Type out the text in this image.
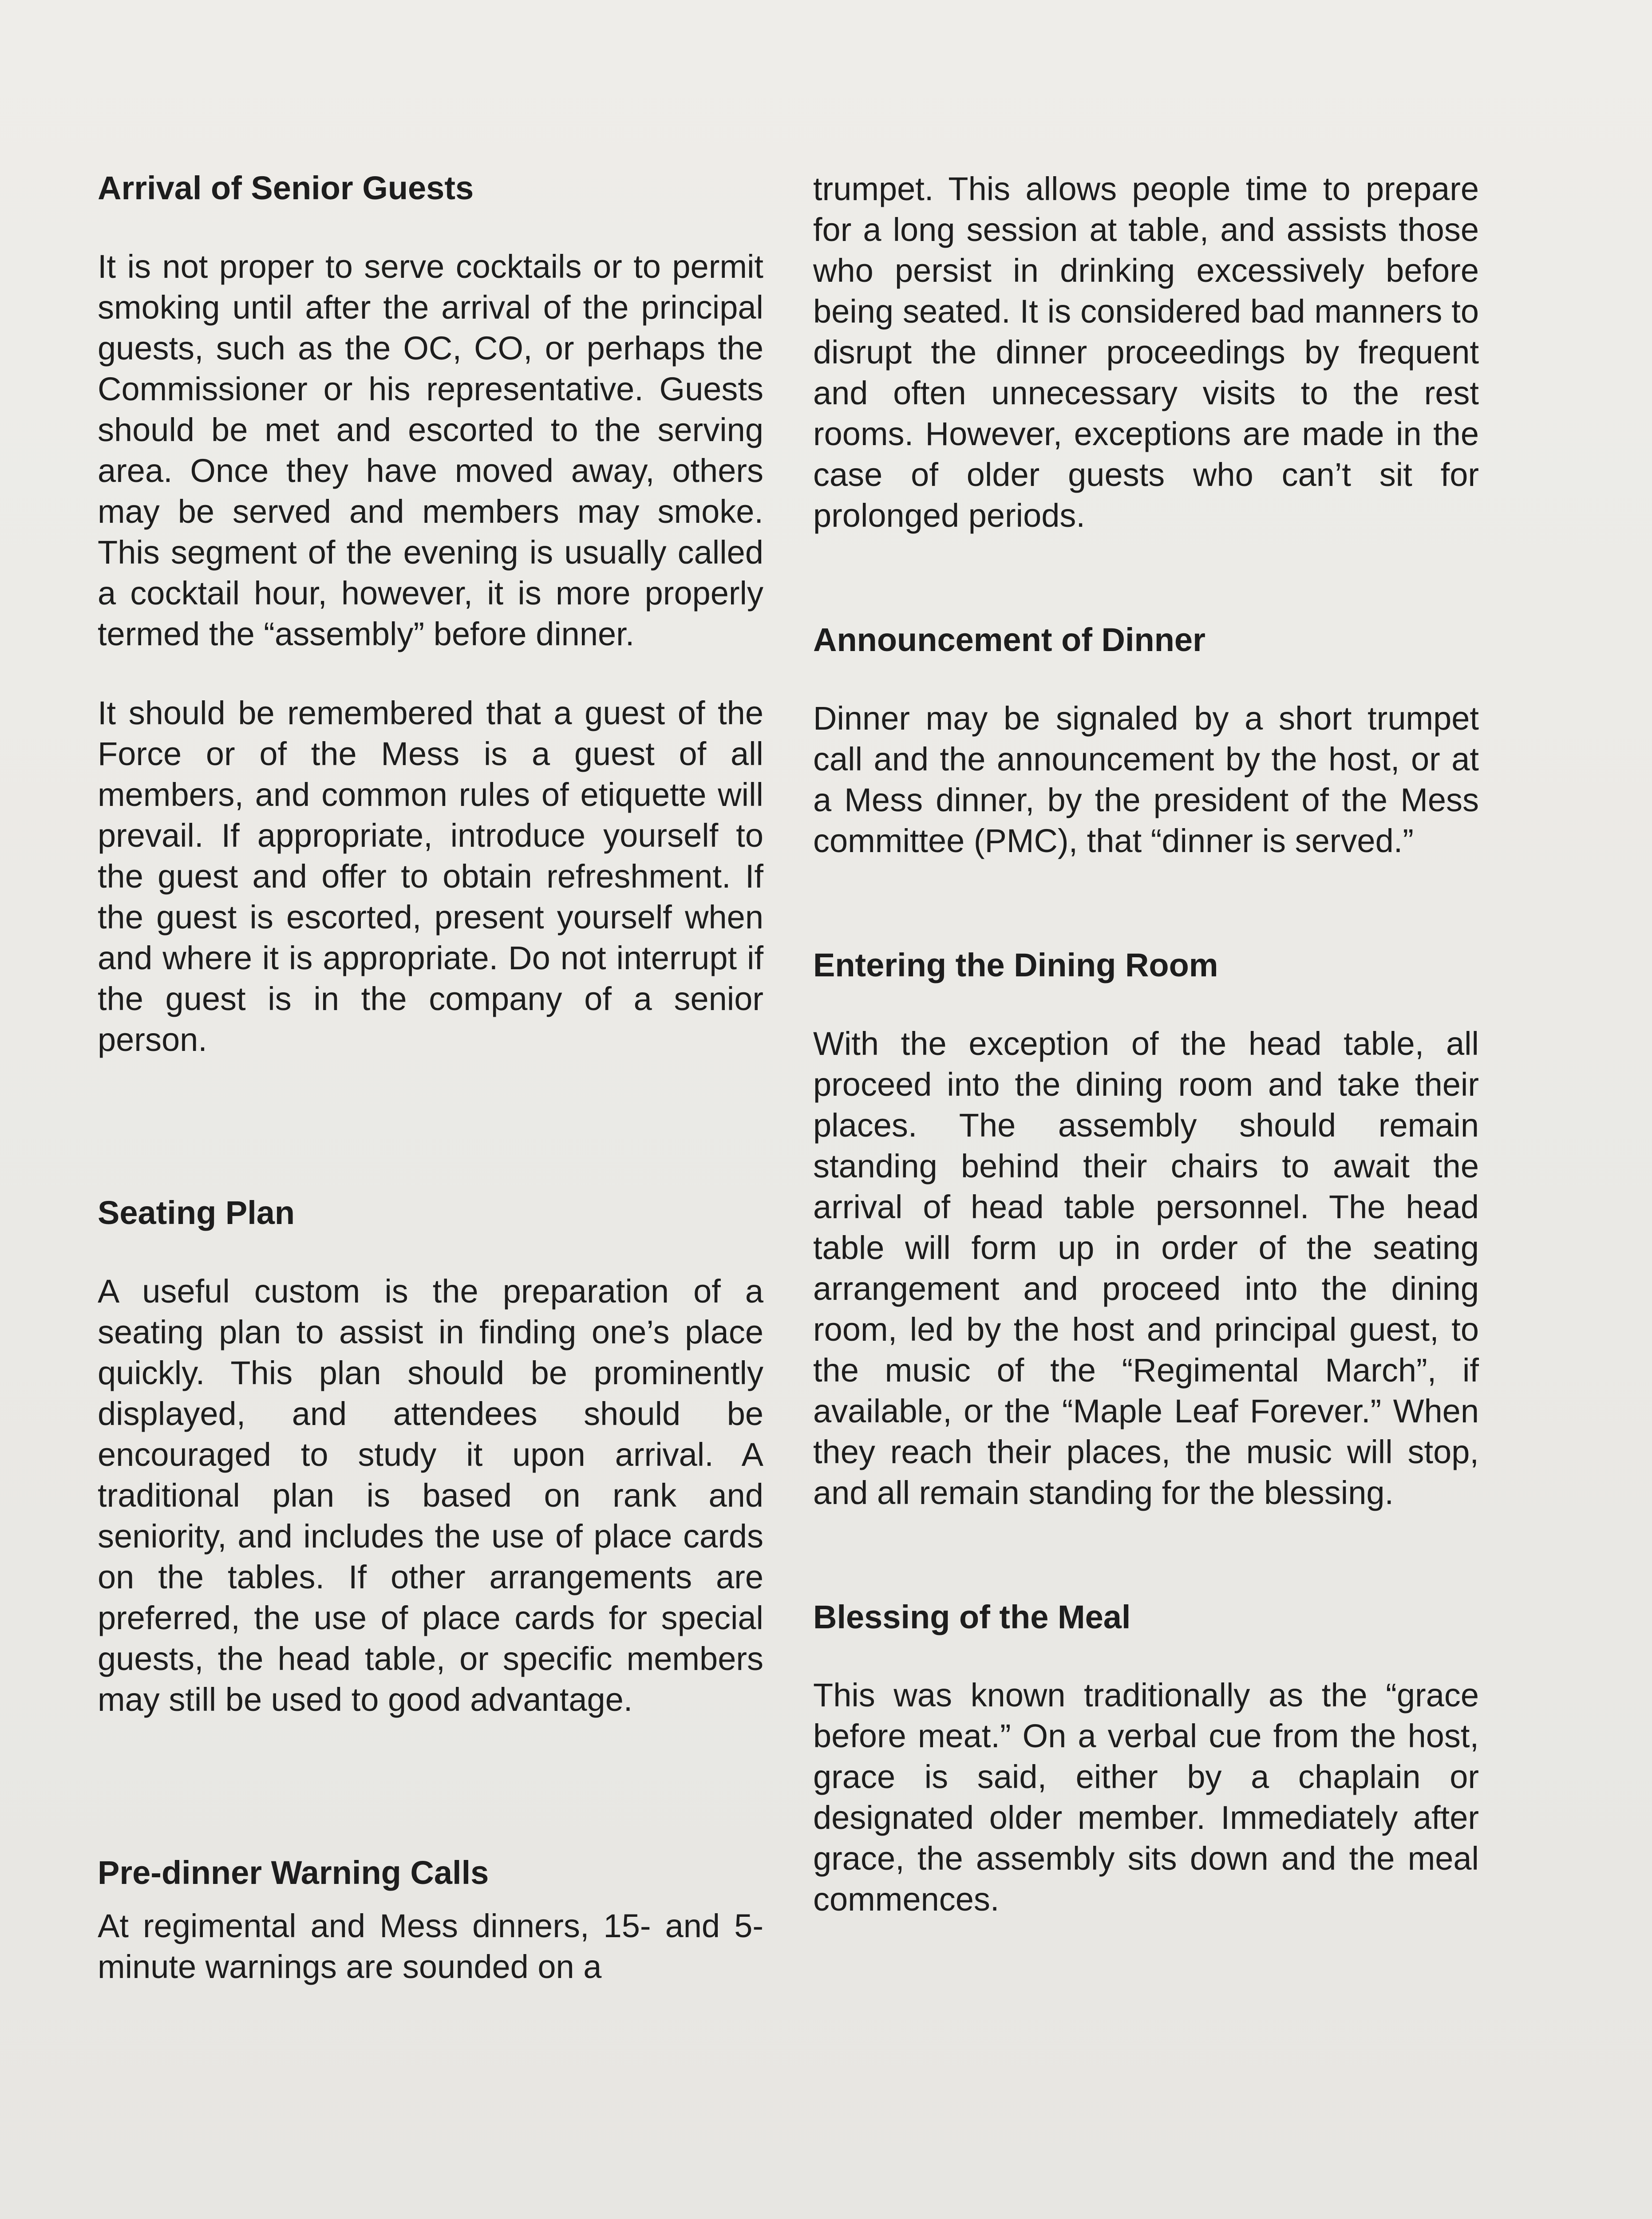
Arrival of Senior Guests

It is not proper to serve cocktails or to permit smoking until after the arrival of the principal guests, such as the OC, CO, or perhaps the Commissioner or his representative. Guests should be met and escorted to the serving area. Once they have moved away, others may be served and members may smoke. This segment of the evening is usually called a cocktail hour, however, it is more properly termed the “assembly” before dinner.

It should be remembered that a guest of the Force or of the Mess is a guest of all members, and common rules of etiquette will prevail. If appropriate, introduce yourself to the guest and offer to obtain refreshment. If the guest is escorted, present yourself when and where it is appropriate. Do not interrupt if the guest is in the company of a senior person.

Seating Plan

A useful custom is the preparation of a seating plan to assist in finding one’s place quickly. This plan should be prominently displayed, and attendees should be encouraged to study it upon arrival. A traditional plan is based on rank and seniority, and includes the use of place cards on the tables. If other arrangements are preferred, the use of place cards for special guests, the head table, or specific members may still be used to good advantage.

Pre-dinner Warning Calls

At regimental and Mess dinners, 15- and 5-minute warnings are sounded on a

trumpet. This allows people time to prepare for a long session at table, and assists those who persist in drinking excessively before being seated. It is considered bad manners to disrupt the dinner proceedings by frequent and often unnecessary visits to the rest rooms. However, exceptions are made in the case of older guests who can’t sit for prolonged periods.

Announcement of Dinner

Dinner may be signaled by a short trumpet call and the announcement by the host, or at a Mess dinner, by the president of the Mess committee (PMC), that “dinner is served.”

Entering the Dining Room

With the exception of the head table, all proceed into the dining room and take their places. The assembly should remain standing behind their chairs to await the arrival of head table personnel. The head table will form up in order of the seating arrangement and proceed into the dining room, led by the host and principal guest, to the music of the “Regimental March”, if available, or the “Maple Leaf Forever.” When they reach their places, the music will stop, and all remain standing for the blessing.

Blessing of the Meal

This was known traditionally as the “grace before meat.” On a verbal cue from the host, grace is said, either by a chaplain or designated older member. Immediately after grace, the assembly sits down and the meal commences.
